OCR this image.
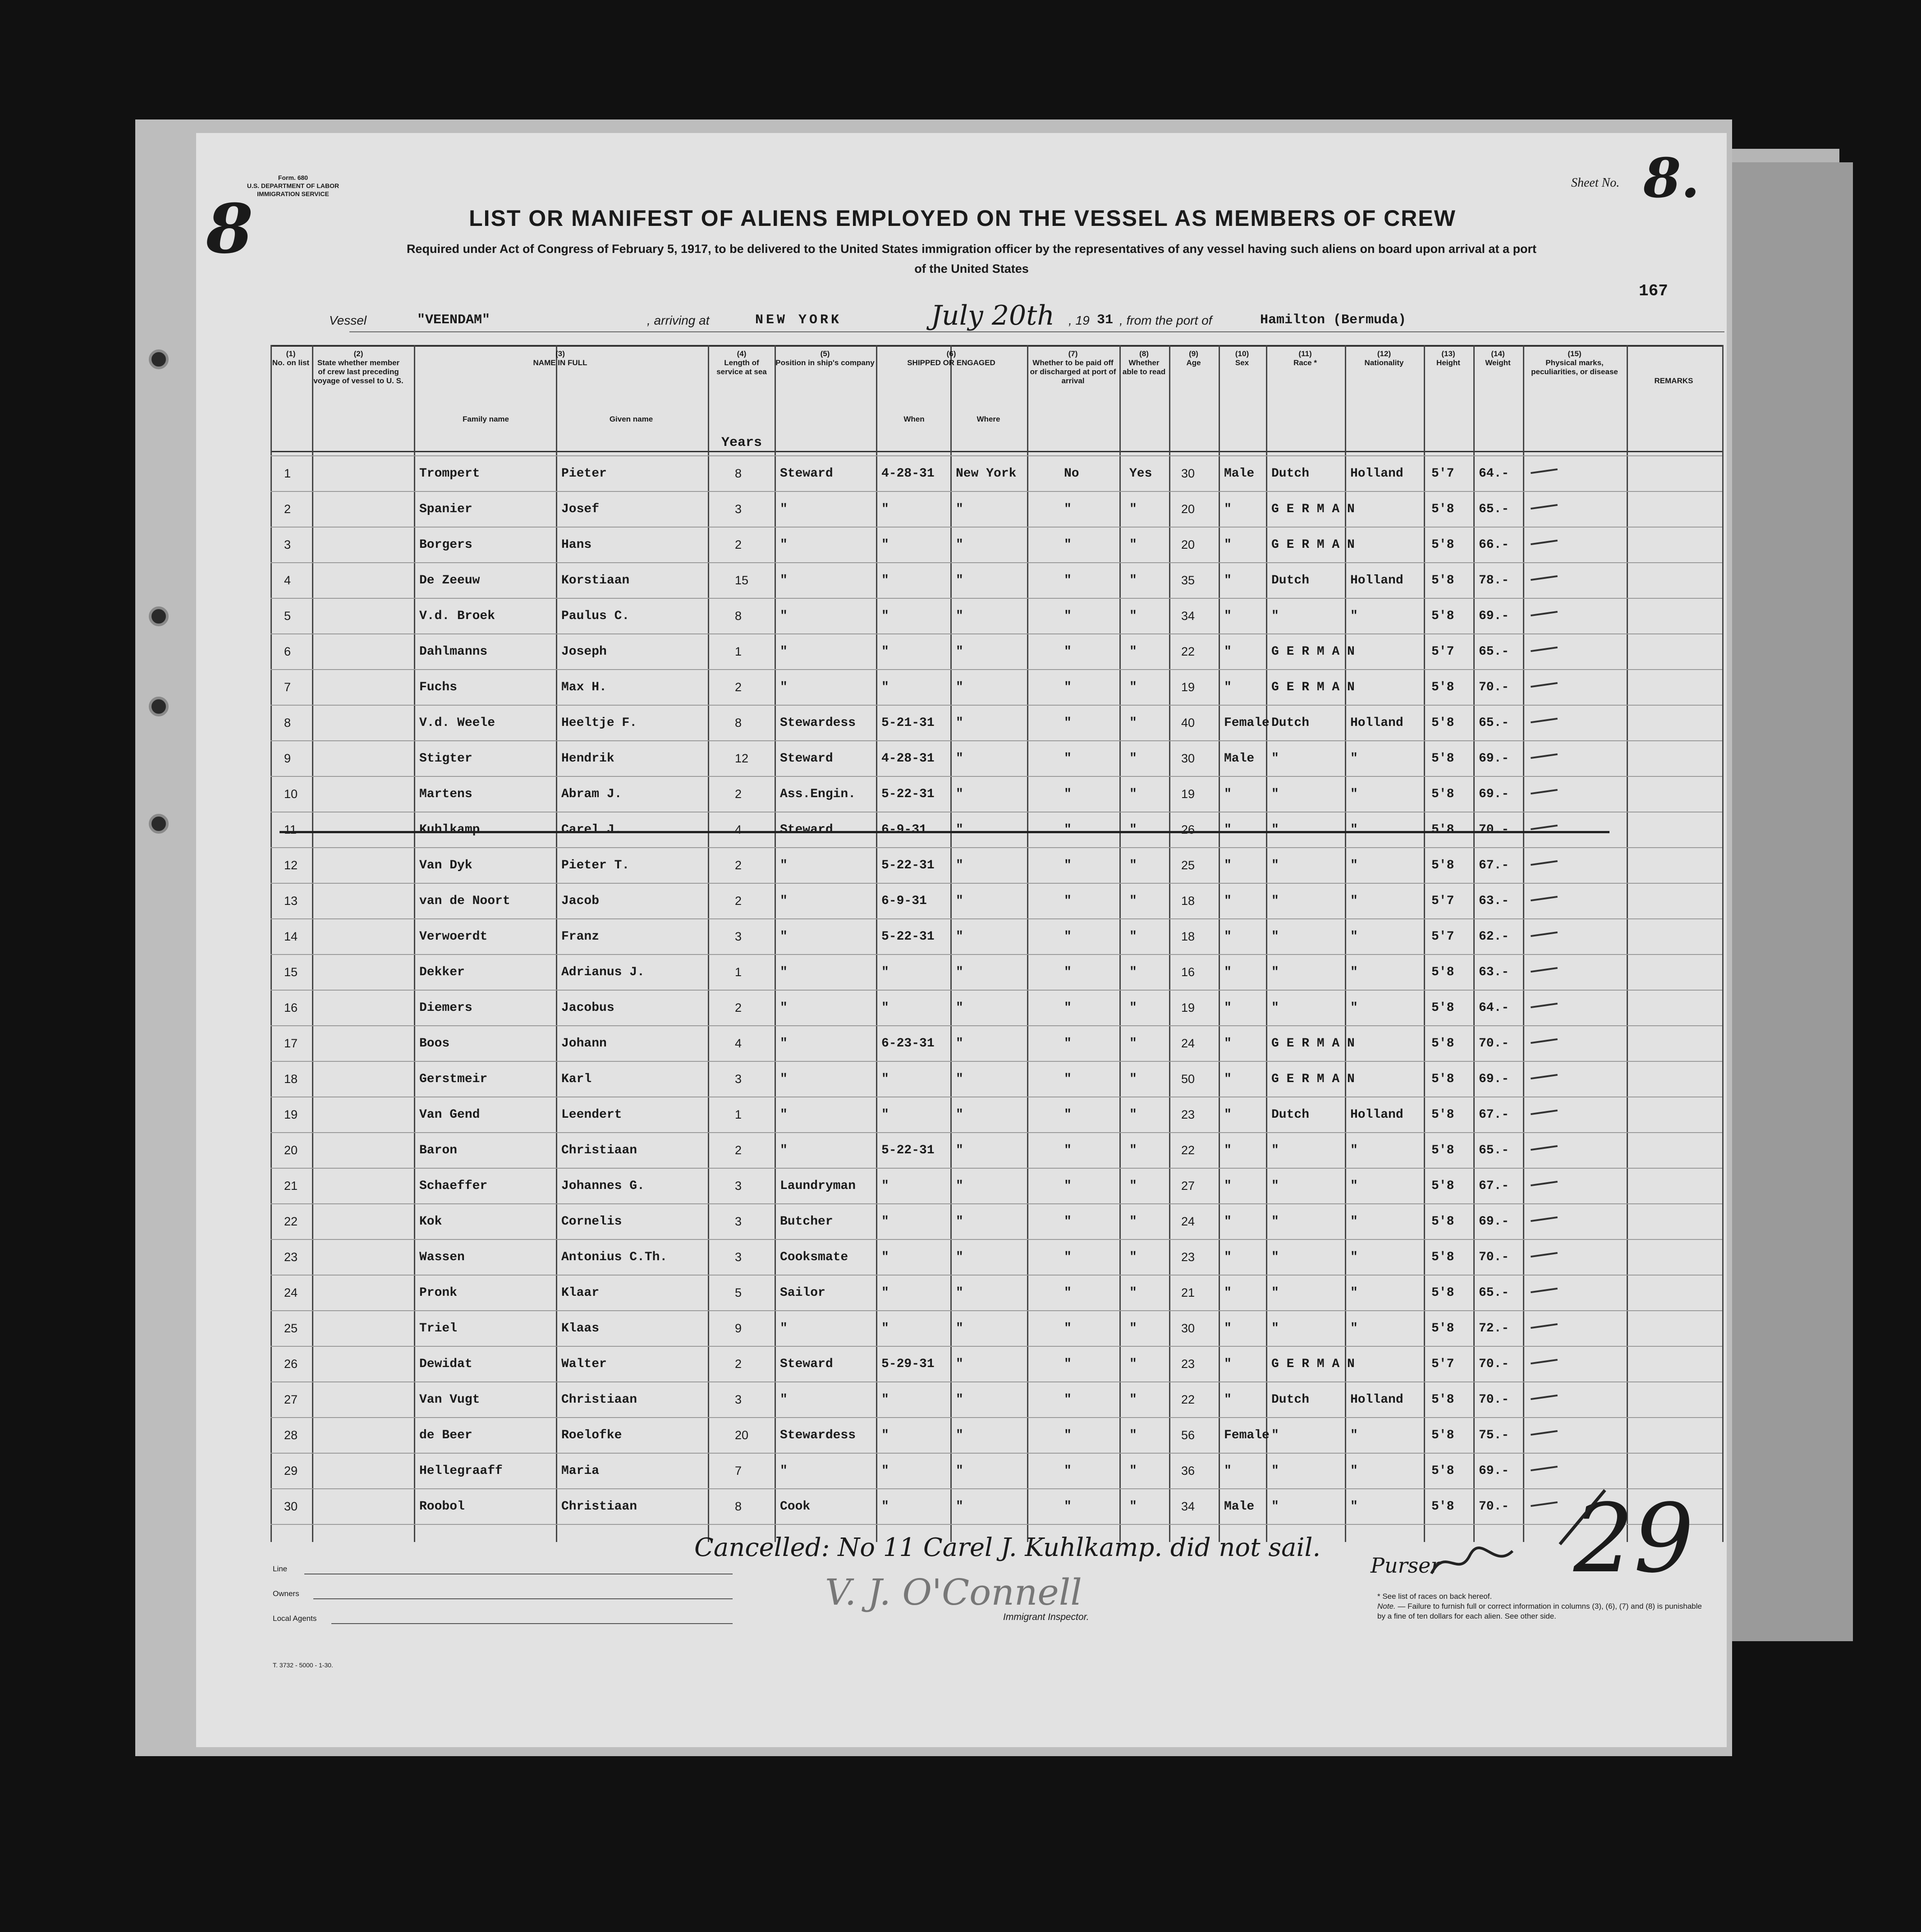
Form. 680
U.S. DEPARTMENT OF LABOR
IMMIGRATION SERVICE
8
Sheet No. 8.
LIST OR MANIFEST OF ALIENS EMPLOYED ON THE VESSEL AS MEMBERS OF CREW
Required under Act of Congress of February 5, 1917, to be delivered to the United States immigration officer by the representatives of any vessel having such aliens on board upon arrival at a port
of the United States
167
Vessel	"VEENDAM"	, arriving at	NEW YORK	July 20th , 19 31 , from the port of	Hamilton (Bermuda)
(1)
No. on list
(2)
State whether member of crew last preceding voyage of vessel to U. S.
(3)
NAME IN FULL
Family name	Given name
(4)
Length of service at sea
Years
(5)
Position in ship's company
(6)
SHIPPED OR ENGAGED
When	Where
(7)
Whether to be paid off or discharged at port of arrival
(8)
Whether able to read
(9)
Age
(10)
Sex
(11)
Race *
(12)
Nationality
(13)
Height
(14)
Weight
(15)
Physical marks, peculiarities, or disease
REMARKS
1	Trompert	Pieter	8	Steward	4-28-31 New York	No	Yes 30 Male Dutch	Holland 5'7 64.-
2	Spanier	Josef	3	"	"	"	"	"	20 "	G E R M A N	5'8 65.-
3	Borgers	Hans	2	"	"	"	"	"	20 "	G E R M A N	5'8 66.-
4	De Zeeuw	Korstiaan	15 "	"	"	"	"	35 "	Dutch	Holland 5'8 78.-
5	V.d. Broek	Paulus C.	8	"	"	"	"	"	34 "	"	"	5'8 69.-
6	Dahlmanns	Joseph	1	"	"	"	"	"	22 "	G E R M A N	5'7 65.-
7	Fuchs	Max H.	2	"	"	"	"	"	19 "	G E R M A N	5'8 70.-
8	V.d. Weele	Heeltje F.	8	Stewardess 5-21-31 "	"	"	40 Female Dutch	Holland 5'8 65.-
9	Stigter	Hendrik	12 Steward	4-28-31 "	"	"	30 Male "	"	5'8 69.-
10	Martens	Abram J.	2	Ass.Engin. 5-22-31 "	"	"	19 "	"	"	5'8 69.-
11	Kuhlkamp	Carel J.	4	Steward	6-9-31 "	"	"	26 "	"	"	5'8 70.-
12	Van Dyk	Pieter T.	2	"	5-22-31 "	"	"	25 "	"	"	5'8 67.-
13	van de Noort	Jacob	2	"	6-9-31 "	"	"	18 "	"	"	5'7 63.-
14	Verwoerdt	Franz	3	"	5-22-31 "	"	"	18 "	"	"	5'7 62.-
15	Dekker	Adrianus J.	1	"	"	"	"	"	16 "	"	"	5'8 63.-
16	Diemers	Jacobus	2	"	"	"	"	"	19 "	"	"	5'8 64.-
17	Boos	Johann	4	"	6-23-31 "	"	"	24 "	G E R M A N	5'8 70.-
18	Gerstmeir	Karl	3	"	"	"	"	"	50 "	G E R M A N	5'8 69.-
19	Van Gend	Leendert	1	"	"	"	"	"	23 "	Dutch	Holland 5'8 67.-
20	Baron	Christiaan	2	"	5-22-31 "	"	"	22 "	"	"	5'8 65.-
21	Schaeffer	Johannes G.	3	Laundryman "	"	"	"	27 "	"	"	5'8 67.-
22	Kok	Cornelis	3	Butcher	"	"	"	"	24 "	"	"	5'8 69.-
23	Wassen	Antonius C.Th.	3	Cooksmate	"	"	"	"	23 "	"	"	5'8 70.-
24	Pronk	Klaar	5	Sailor	"	"	"	"	21 "	"	"	5'8 65.-
25	Triel	Klaas	9	"	"	"	"	"	30 "	"	"	5'8 72.-
26	Dewidat	Walter	2	Steward	5-29-31 "	"	"	23 "	G E R M A N	5'7 70.-
27	Van Vugt	Christiaan	3	"	"	"	"	"	22 "	Dutch	Holland 5'8 70.-
28	de Beer	Roelofke	20 Stewardess "	"	"	"	56 Female "	"	5'8 75.-
29	Hellegraaff	Maria	7	"	"	"	"	"	36 "	"	"	5'8 69.-
30	Roobol	Christiaan	8	Cook	"	"	"	"	34 Male "	"	5'8 70.-
Cancelled: No 11 Carel J. Kuhlkamp. did not sail.
Purser 29
Line
Owners
Local Agents
V. J. O'Connell
Immigrant Inspector.
* See list of races on back hereof.
Note. — Failure to furnish full or correct information in columns (3), (6), (7) and (8) is punishable by a fine of ten dollars for each alien. See other side.
T. 3732 - 5000 - 1-30.
